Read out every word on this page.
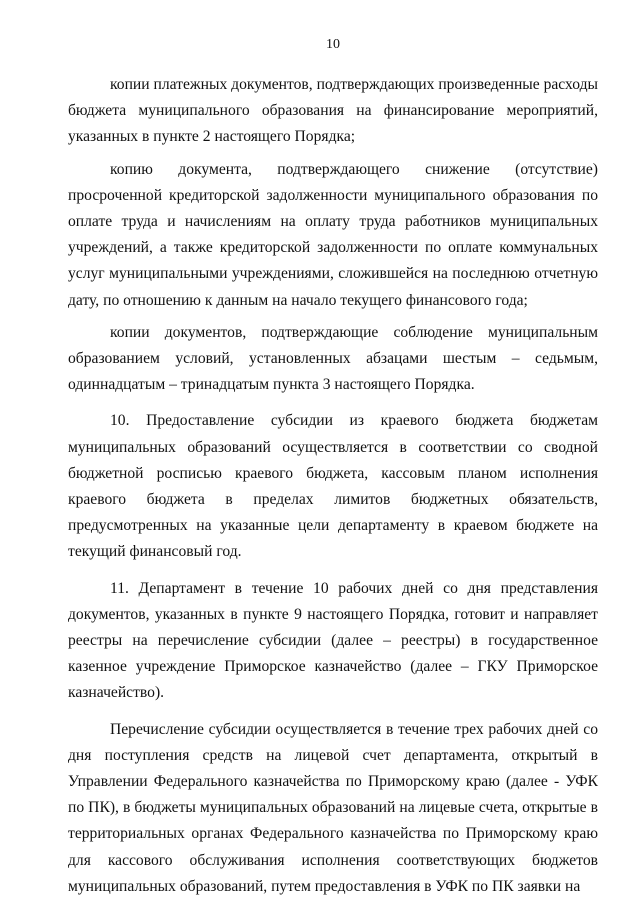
10

копии платежных документов, подтверждающих произведенные расходы бюджета муниципального образования на финансирование мероприятий, указанных в пункте 2 настоящего Порядка;

копию документа, подтверждающего снижение (отсутствие) просроченной кредиторской задолженности муниципального образования по оплате труда и начислениям на оплату труда работников муниципальных учреждений, а также кредиторской задолженности по оплате коммунальных услуг муниципальными учреждениями, сложившейся на последнюю отчетную дату, по отношению к данным на начало текущего финансового года;

копии документов, подтверждающие соблюдение муниципальным образованием условий, установленных абзацами шестым – седьмым, одиннадцатым – тринадцатым пункта 3 настоящего Порядка.

10. Предоставление субсидии из краевого бюджета бюджетам муниципальных образований осуществляется в соответствии со сводной бюджетной росписью краевого бюджета, кассовым планом исполнения краевого бюджета в пределах лимитов бюджетных обязательств, предусмотренных на указанные цели департаменту в краевом бюджете на текущий финансовый год.

11. Департамент в течение 10 рабочих дней со дня представления документов, указанных в пункте 9 настоящего Порядка, готовит и направляет реестры на перечисление субсидии (далее – реестры) в государственное казенное учреждение Приморское казначейство (далее – ГКУ Приморское казначейство).

Перечисление субсидии осуществляется в течение трех рабочих дней со дня поступления средств на лицевой счет департамента, открытый в Управлении Федерального казначейства по Приморскому краю (далее - УФК по ПК), в бюджеты муниципальных образований на лицевые счета, открытые в территориальных органах Федерального казначейства по Приморскому краю для кассового обслуживания исполнения соответствующих бюджетов муниципальных образований, путем предоставления в УФК по ПК заявки на
